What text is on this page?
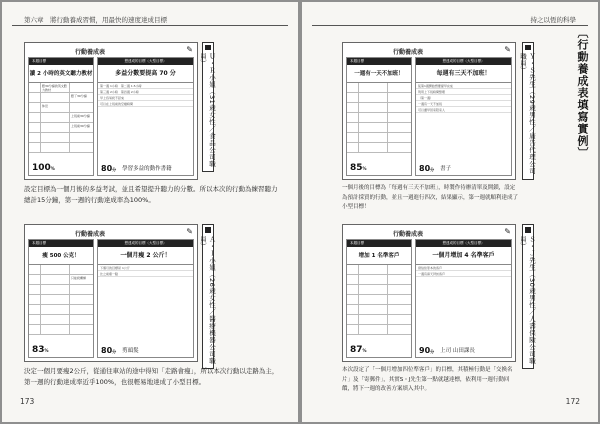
第六章　將行動養成習慣，用最快的速度達成目標
行動養成表	✎
本週目標
讀 2 小時的英文聽力教材
聽30分鐘的英文聽力教材
聽了30分鐘
休息
上班前30分鐘
上班前30分鐘
100%
想達成的目標（大型目標）
多益分數要提高 70 分
第一週 1小時　第二週 1.5小時
第三週 2小時　第四週 2小時
早上容易爬不起來
可以在上班前的空檔時間
80分 學習多益的動作書籍
Ｕ・Ｒ小姐（31歲女性／食品公司職員）
設定目標為一個月後的多益考試，並且希望提升聽力的分數。所以本次的行動為練習聽力總計15分鐘，第一週的行動達成率為100%。
行動養成表	✎
本週目標
瘦 500 公克！
只能爬樓梯
83%
想達成的目標（大型目標）
一個月瘦 2 公斤！
下個月的目標是 1公斤
比之前瘦一點
80分 剪頭髮	Ａ・Ｉ小姐（26歲女性／醫療機器公司職員）
決定一個月要瘦2公斤，從通往車站的途中得知「走路會瘦」，所以本次行動以走路為主，第一週的行動達成率近乎100%，也很輕易地達成了小型目標。
173
持之以恆的科學
〔行動養成表填寫實例〕
行動養成表	✎
本週目標
一週有一天不加班！
85%
想達成的目標（大型目標）
每週有三天不加班！
從第1週開始想要提早完成
利用上下班時間整理
（第一週）
一週有一天不加班
可以盡早回家陪家人
80分 書子	Ｙ・Ｓ先生（29歲男性／廣告代理公司職員）
一個月後的目標為「每週有三天不加班」，時製作待辦清單及開鎖，設定為預計採買的行動，並且一週進行四次，結果顯示，第一週就順利達成了小型目標！
行動養成表	✎
本週目標
增加 1 名準客戶
87%
想達成的目標（大型目標）
一個月增加 4 名準客戶
發信給原本的客戶
一週有兩天拜訪客戶
90分 上司 山田課長	Ｓ・Ｊ先生（30歲男性／人壽保險公司職員）
本次設定了「一個月增加四位準客戶」的目標，其積極行動是「交換名片」及「寄郵件」，其實S・J先生第一點就越達標，依利用一週行動回饋，將下一週的改善方案填入其中。
172
